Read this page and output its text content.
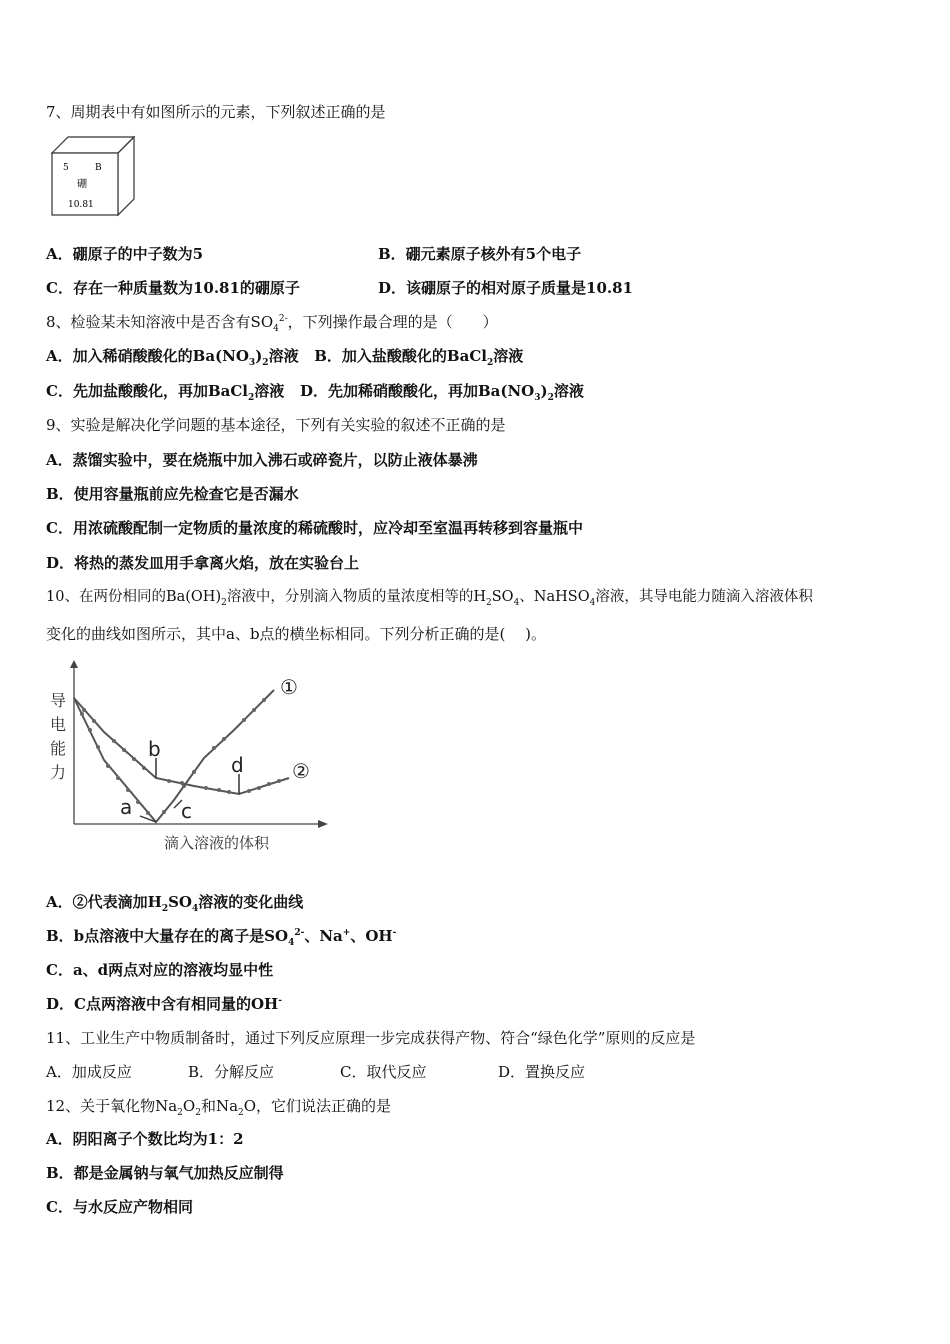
7、周期表中有如图所示的元素，下列叙述正确的是
5	B
硼
10.81
A．硼原子的中子数为5	B．硼元素原子核外有5个电子
C．存在一种质量数为10.81的硼原子	D．该硼原子的相对原子质量是10.81
8、检验某未知溶液中是否含有$SO_4^{2-}$，下列操作最合理的是（　　）
A．加入稀硝酸酸化的$Ba(NO_3)_2$溶液 B．加入盐酸酸化的BaCl$_2$溶液
C．先加盐酸酸化，再加BaCl$_2$溶液 D．先加稀硝酸酸化，再加$Ba(NO_3)_2$溶液
9、实验是解决化学问题的基本途径，下列有关实验的叙述不正确的是
A．蒸馏实验中，要在烧瓶中加入沸石或碎瓷片，以防止液体暴沸
B．使用容量瓶前应先检查它是否漏水
C．用浓硫酸配制一定物质的量浓度的稀硫酸时，应冷却至室温再转移到容量瓶中
D．将热的蒸发皿用手拿离火焰，放在实验台上
10、在两份相同的$Ba(OH)_2$溶液中，分别滴入物质的量浓度相等的$H_2SO_4$、NaHSO$_4$溶液，其导电能力随滴入溶液体积
变化的曲线如图所示，其中a、b点的横坐标相同。下列分析正确的是(　 )。
导
电
能
力
滴入溶液的体积
b
d
a c
①
②
A．②代表滴加$H_2SO_4$溶液的变化曲线
B．b点溶液中大量存在的离子是$SO_4^{2-}$、Na+、OH-
C．a、d两点对应的溶液均显中性
D．C点两溶液中含有相同量的OH-
11、工业生产中物质制备时，通过下列反应原理一步完成获得产物、符合“绿色化学”原则的反应是
A．加成反应	B．分解反应	C．取代反应	D．置换反应
12、关于氧化物$Na_2O_2$和$Na_2O$，它们说法正确的是
A．阴阳离子个数比均为1：2
B．都是金属钠与氧气加热反应制得
C．与水反应产物相同
